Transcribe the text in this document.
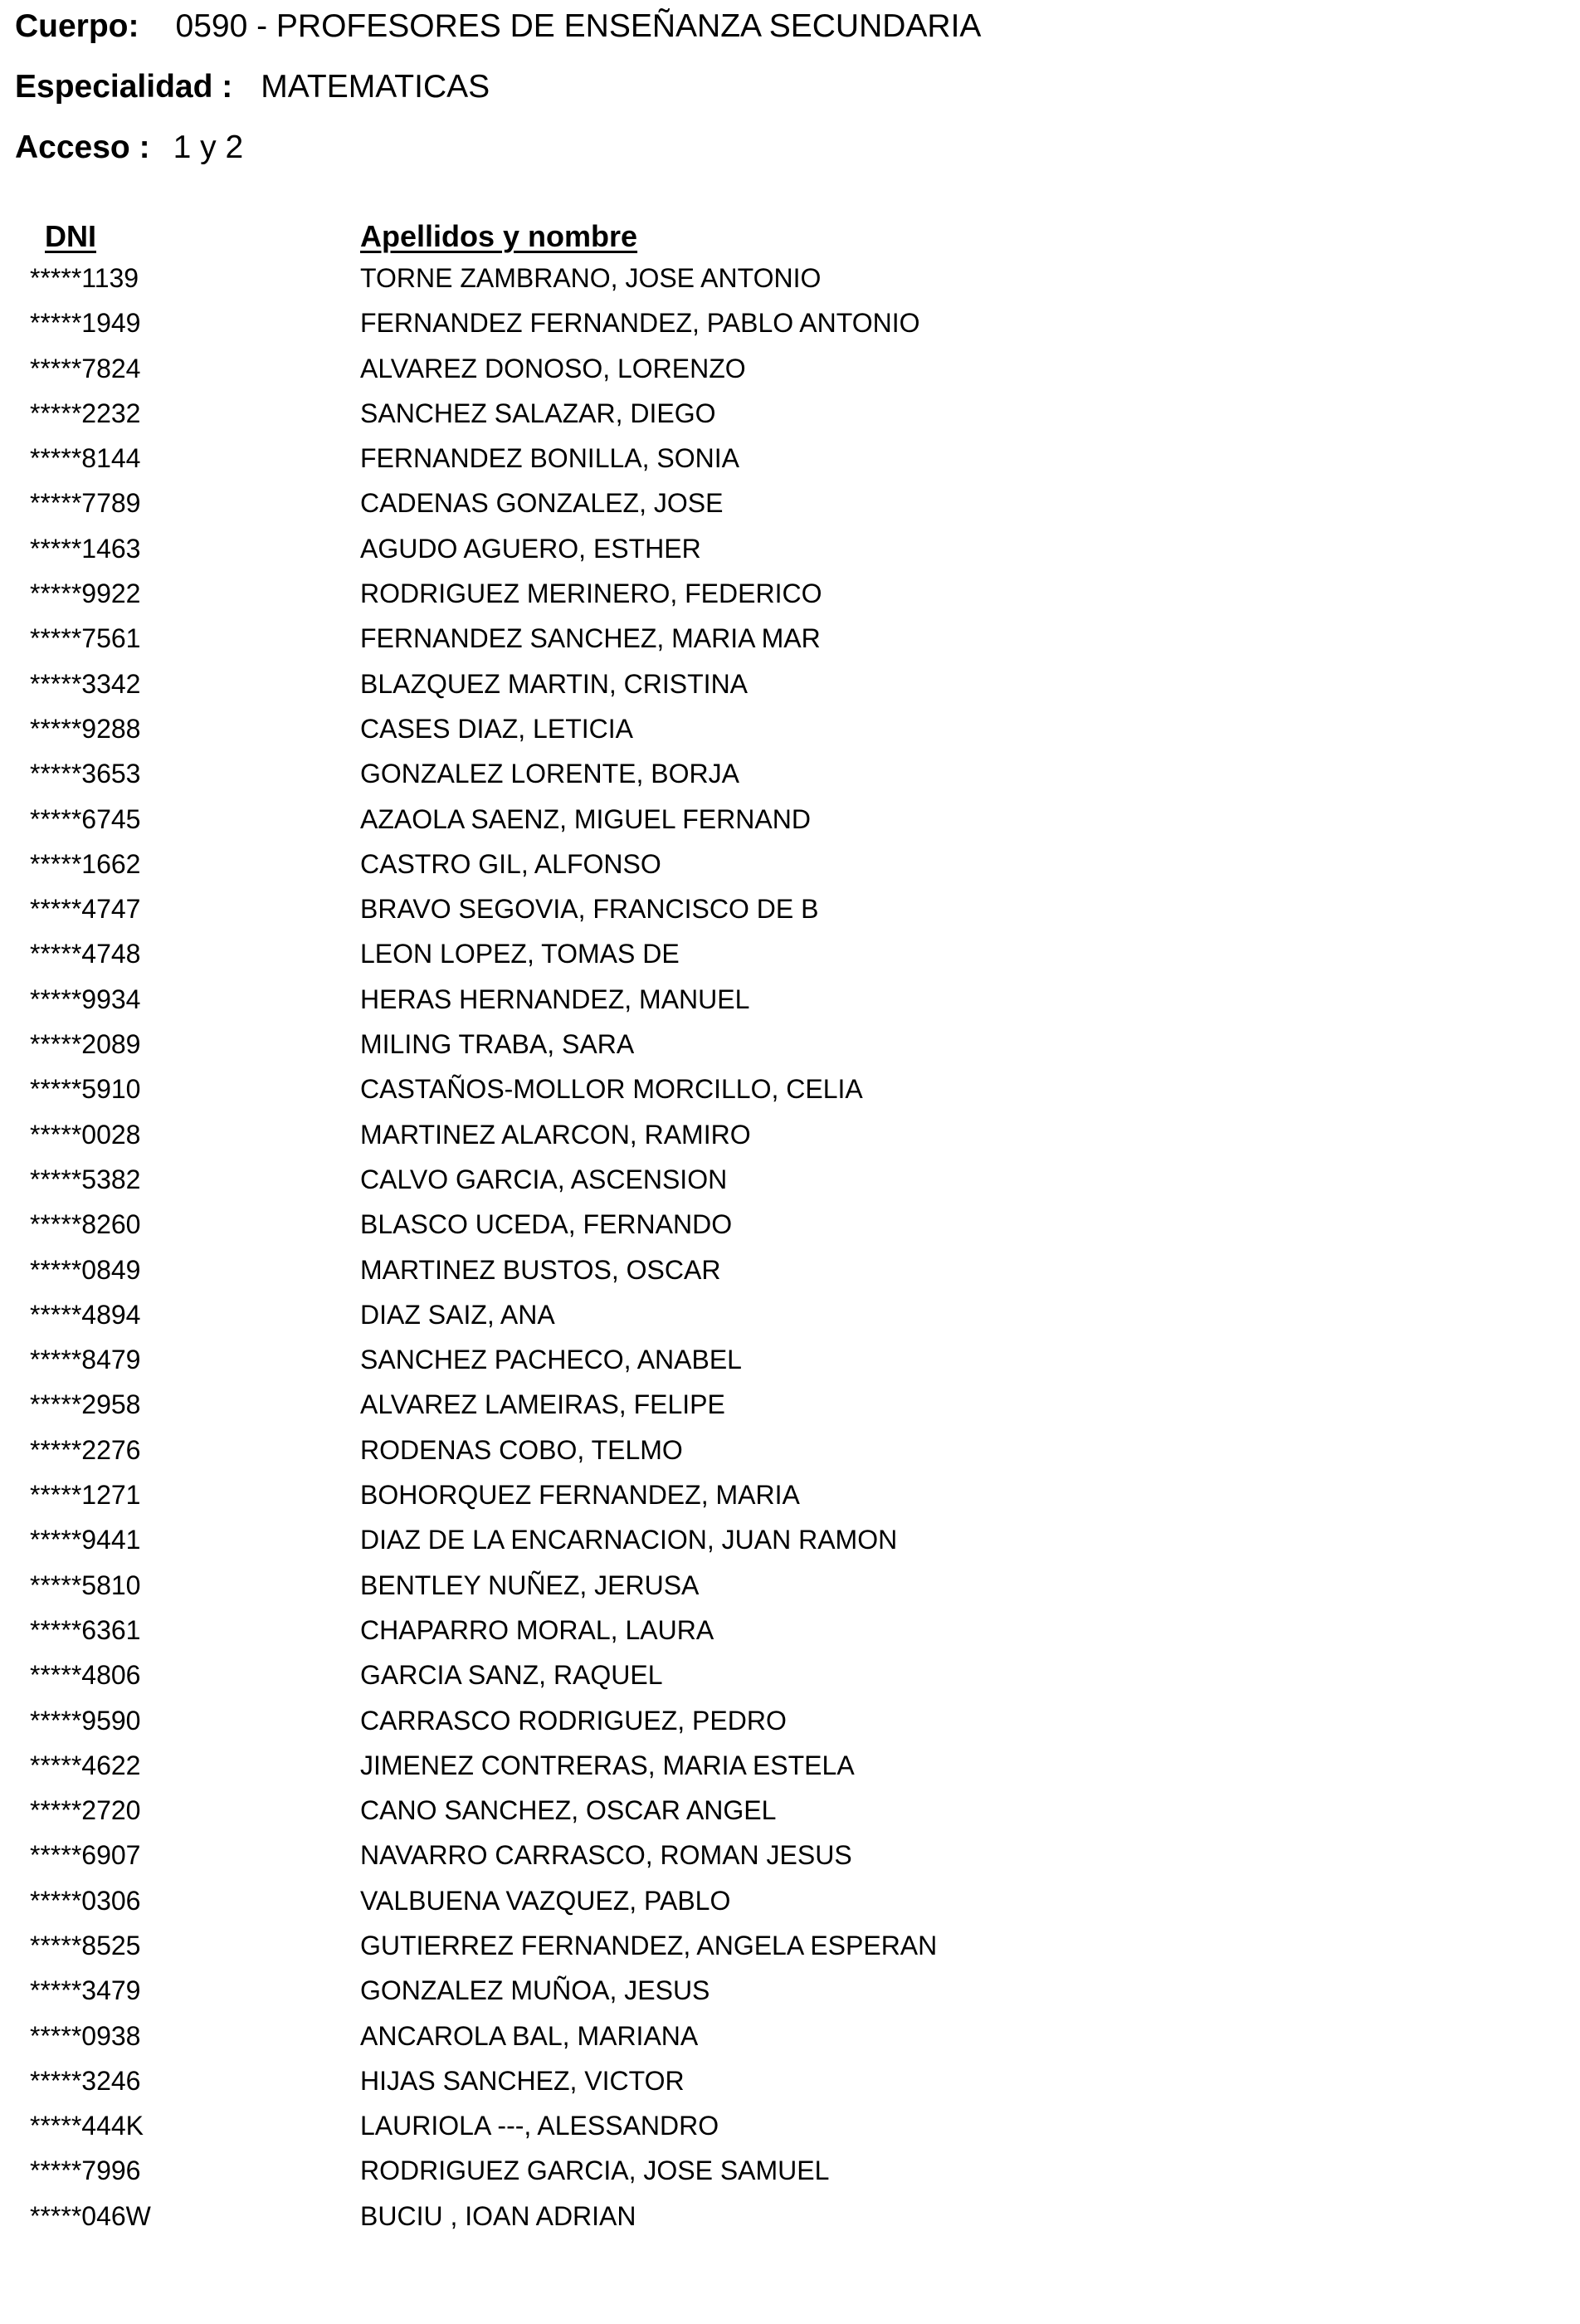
Cuerpo: 0590 - PROFESORES DE ENSEÑANZA SECUNDARIA
Especialidad : MATEMATICAS
Acceso : 1 y 2
DNI	Apellidos y nombre
*****1139	TORNE ZAMBRANO, JOSE ANTONIO
*****1949	FERNANDEZ FERNANDEZ, PABLO ANTONIO
*****7824	ALVAREZ DONOSO, LORENZO
*****2232	SANCHEZ SALAZAR, DIEGO
*****8144	FERNANDEZ BONILLA, SONIA
*****7789	CADENAS GONZALEZ, JOSE
*****1463	AGUDO AGUERO, ESTHER
*****9922	RODRIGUEZ MERINERO, FEDERICO
*****7561	FERNANDEZ SANCHEZ, MARIA MAR
*****3342	BLAZQUEZ MARTIN, CRISTINA
*****9288	CASES DIAZ, LETICIA
*****3653	GONZALEZ LORENTE, BORJA
*****6745	AZAOLA SAENZ, MIGUEL FERNAND
*****1662	CASTRO GIL, ALFONSO
*****4747	BRAVO SEGOVIA, FRANCISCO DE B
*****4748	LEON LOPEZ, TOMAS DE
*****9934	HERAS HERNANDEZ, MANUEL
*****2089	MILING TRABA, SARA
*****5910	CASTAÑOS-MOLLOR MORCILLO, CELIA
*****0028	MARTINEZ ALARCON, RAMIRO
*****5382	CALVO GARCIA, ASCENSION
*****8260	BLASCO UCEDA, FERNANDO
*****0849	MARTINEZ BUSTOS, OSCAR
*****4894	DIAZ SAIZ, ANA
*****8479	SANCHEZ PACHECO, ANABEL
*****2958	ALVAREZ LAMEIRAS, FELIPE
*****2276	RODENAS COBO, TELMO
*****1271	BOHORQUEZ FERNANDEZ, MARIA
*****9441	DIAZ DE LA ENCARNACION, JUAN RAMON
*****5810	BENTLEY NUÑEZ, JERUSA
*****6361	CHAPARRO MORAL, LAURA
*****4806	GARCIA SANZ, RAQUEL
*****9590	CARRASCO RODRIGUEZ, PEDRO
*****4622	JIMENEZ CONTRERAS, MARIA ESTELA
*****2720	CANO SANCHEZ, OSCAR ANGEL
*****6907	NAVARRO CARRASCO, ROMAN JESUS
*****0306	VALBUENA VAZQUEZ, PABLO
*****8525	GUTIERREZ FERNANDEZ, ANGELA ESPERAN
*****3479	GONZALEZ MUÑOA, JESUS
*****0938	ANCAROLA BAL, MARIANA
*****3246	HIJAS SANCHEZ, VICTOR
*****444K	LAURIOLA ---, ALESSANDRO
*****7996	RODRIGUEZ GARCIA, JOSE SAMUEL
*****046W	BUCIU , IOAN ADRIAN
